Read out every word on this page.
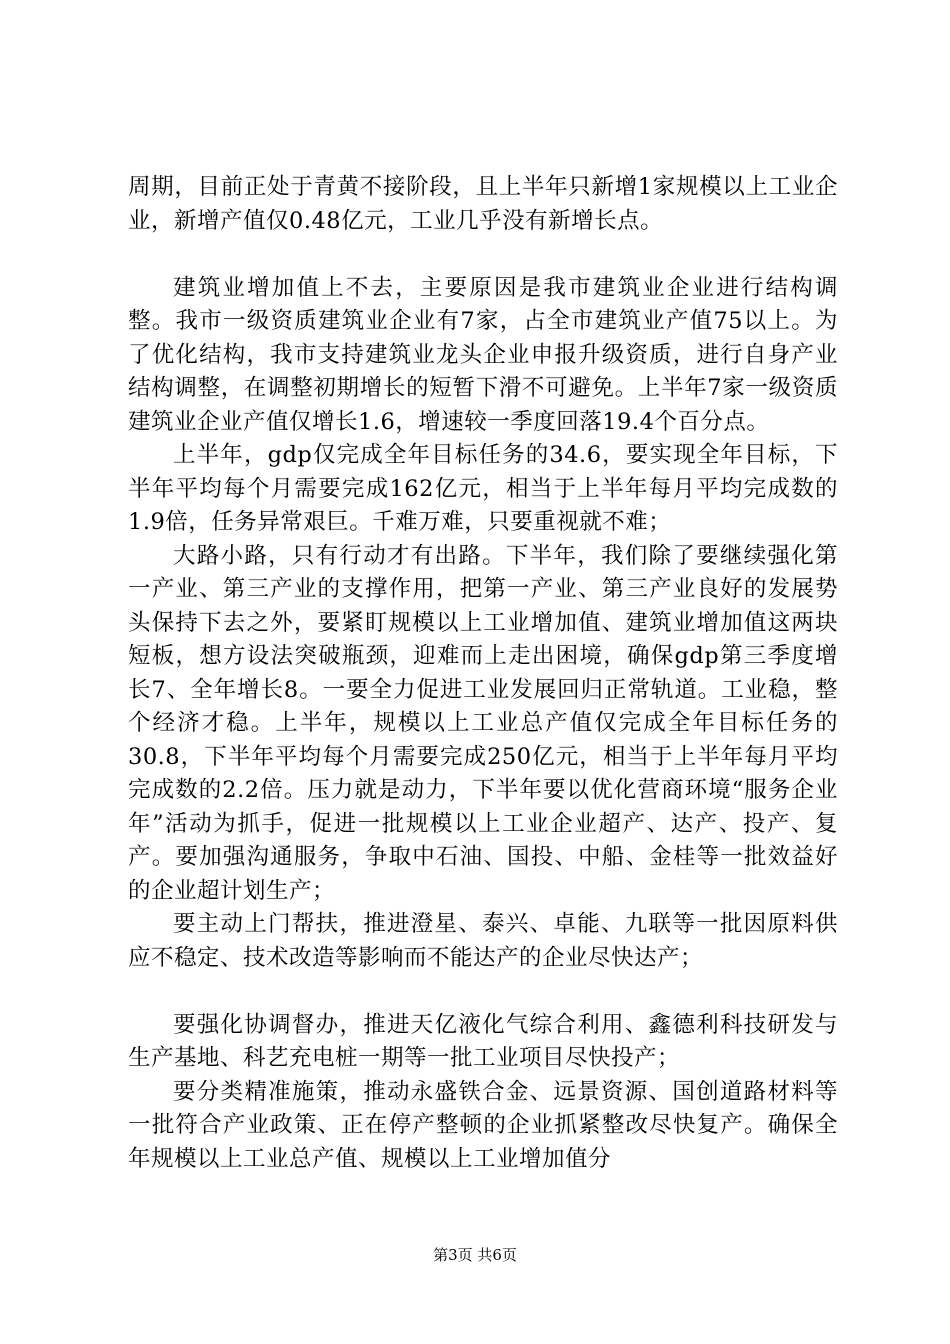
周期，目前正处于青黄不接阶段，且上半年只新增1家规模以上工业企业，新增产值仅0.48亿元，工业几乎没有新增长点。

建筑业增加值上不去，主要原因是我市建筑业企业进行结构调整。我市一级资质建筑业企业有7家，占全市建筑业产值75以上。为了优化结构，我市支持建筑业龙头企业申报升级资质，进行自身产业结构调整，在调整初期增长的短暂下滑不可避免。上半年7家一级资质建筑业企业产值仅增长1.6，增速较一季度回落19.4个百分点。

上半年，gdp仅完成全年目标任务的34.6，要实现全年目标，下半年平均每个月需要完成162亿元，相当于上半年每月平均完成数的1.9倍，任务异常艰巨。千难万难，只要重视就不难；

大路小路，只有行动才有出路。下半年，我们除了要继续强化第一产业、第三产业的支撑作用，把第一产业、第三产业良好的发展势头保持下去之外，要紧盯规模以上工业增加值、建筑业增加值这两块短板，想方设法突破瓶颈，迎难而上走出困境，确保gdp第三季度增长7、全年增长8。一要全力促进工业发展回归正常轨道。工业稳，整个经济才稳。上半年，规模以上工业总产值仅完成全年目标任务的30.8，下半年平均每个月需要完成250亿元，相当于上半年每月平均完成数的2.2倍。压力就是动力，下半年要以优化营商环境“服务企业年”活动为抓手，促进一批规模以上工业企业超产、达产、投产、复产。要加强沟通服务，争取中石油、国投、中船、金桂等一批效益好的企业超计划生产；

要主动上门帮扶，推进澄星、泰兴、卓能、九联等一批因原料供应不稳定、技术改造等影响而不能达产的企业尽快达产；

要强化协调督办，推进天亿液化气综合利用、鑫德利科技研发与生产基地、科艺充电桩一期等一批工业项目尽快投产；

要分类精准施策，推动永盛铁合金、远景资源、国创道路材料等一批符合产业政策、正在停产整顿的企业抓紧整改尽快复产。确保全年规模以上工业总产值、规模以上工业增加值分

第3页 共6页
